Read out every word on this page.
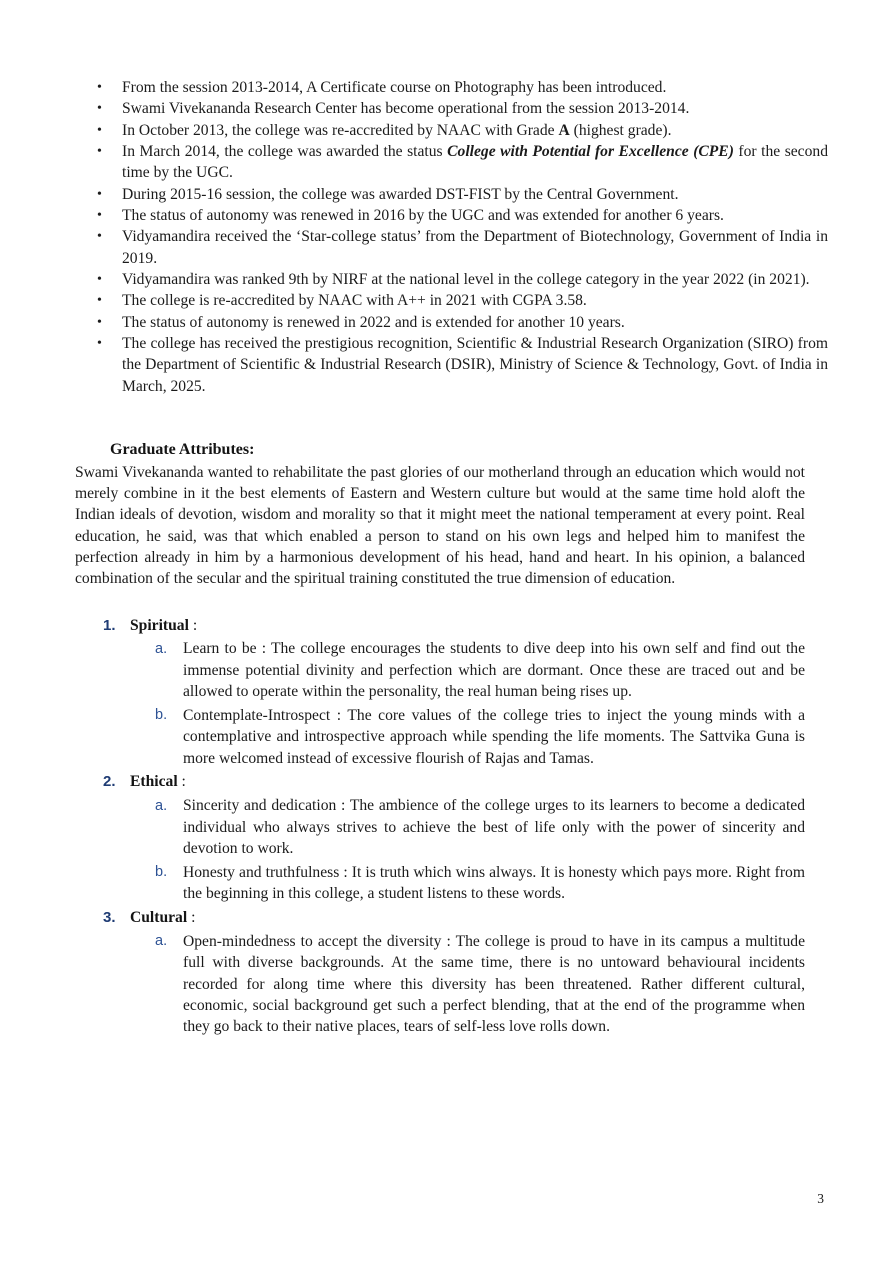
• From the session 2013-2014, A Certificate course on Photography has been introduced.
• Swami Vivekananda Research Center has become operational from the session 2013-2014.
• In October 2013, the college was re-accredited by NAAC with Grade A (highest grade).
• In March 2014, the college was awarded the status College with Potential for Excellence (CPE) for the second time by the UGC.
• During 2015-16 session, the college was awarded DST-FIST by the Central Government.
• The status of autonomy was renewed in 2016 by the UGC and was extended for another 6 years.
• Vidyamandira received the ‘Star-college status’ from the Department of Biotechnology, Government of India in 2019.
• Vidyamandira was ranked 9th by NIRF at the national level in the college category in the year 2022 (in 2021).
• The college is re-accredited by NAAC with A++ in 2021 with CGPA 3.58.
• The status of autonomy is renewed in 2022 and is extended for another 10 years.
• The college has received the prestigious recognition, Scientific & Industrial Research Organization (SIRO) from the Department of Scientific & Industrial Research (DSIR), Ministry of Science & Technology, Govt. of India in March, 2025.
Graduate Attributes:

Swami Vivekananda wanted to rehabilitate the past glories of our motherland through an education which would not merely combine in it the best elements of Eastern and Western culture but would at the same time hold aloft the Indian ideals of devotion, wisdom and morality so that it might meet the national temperament at every point. Real education, he said, was that which enabled a person to stand on his own legs and helped him to manifest the perfection already in him by a harmonious development of his head, hand and heart. In his opinion, a balanced combination of the secular and the spiritual training constituted the true dimension of education.

1. Spiritual :
a. Learn to be : The college encourages the students to dive deep into his own self and find out the immense potential divinity and perfection which are dormant. Once these are traced out and be allowed to operate within the personality, the real human being rises up.
b. Contemplate-Introspect : The core values of the college tries to inject the young minds with a contemplative and introspective approach while spending the life moments. The Sattvika Guna is more welcomed instead of excessive flourish of Rajas and Tamas.
2. Ethical :
a. Sincerity and dedication : The ambience of the college urges to its learners to become a dedicated individual who always strives to achieve the best of life only with the power of sincerity and devotion to work.
b. Honesty and truthfulness : It is truth which wins always. It is honesty which pays more. Right from the beginning in this college, a student listens to these words.
3. Cultural :
a. Open-mindedness to accept the diversity : The college is proud to have in its campus a multitude full with diverse backgrounds. At the same time, there is no untoward behavioural incidents recorded for along time where this diversity has been threatened. Rather different cultural, economic, social background get such a perfect blending, that at the end of the programme when they go back to their native places, tears of self-less love rolls down.
3
